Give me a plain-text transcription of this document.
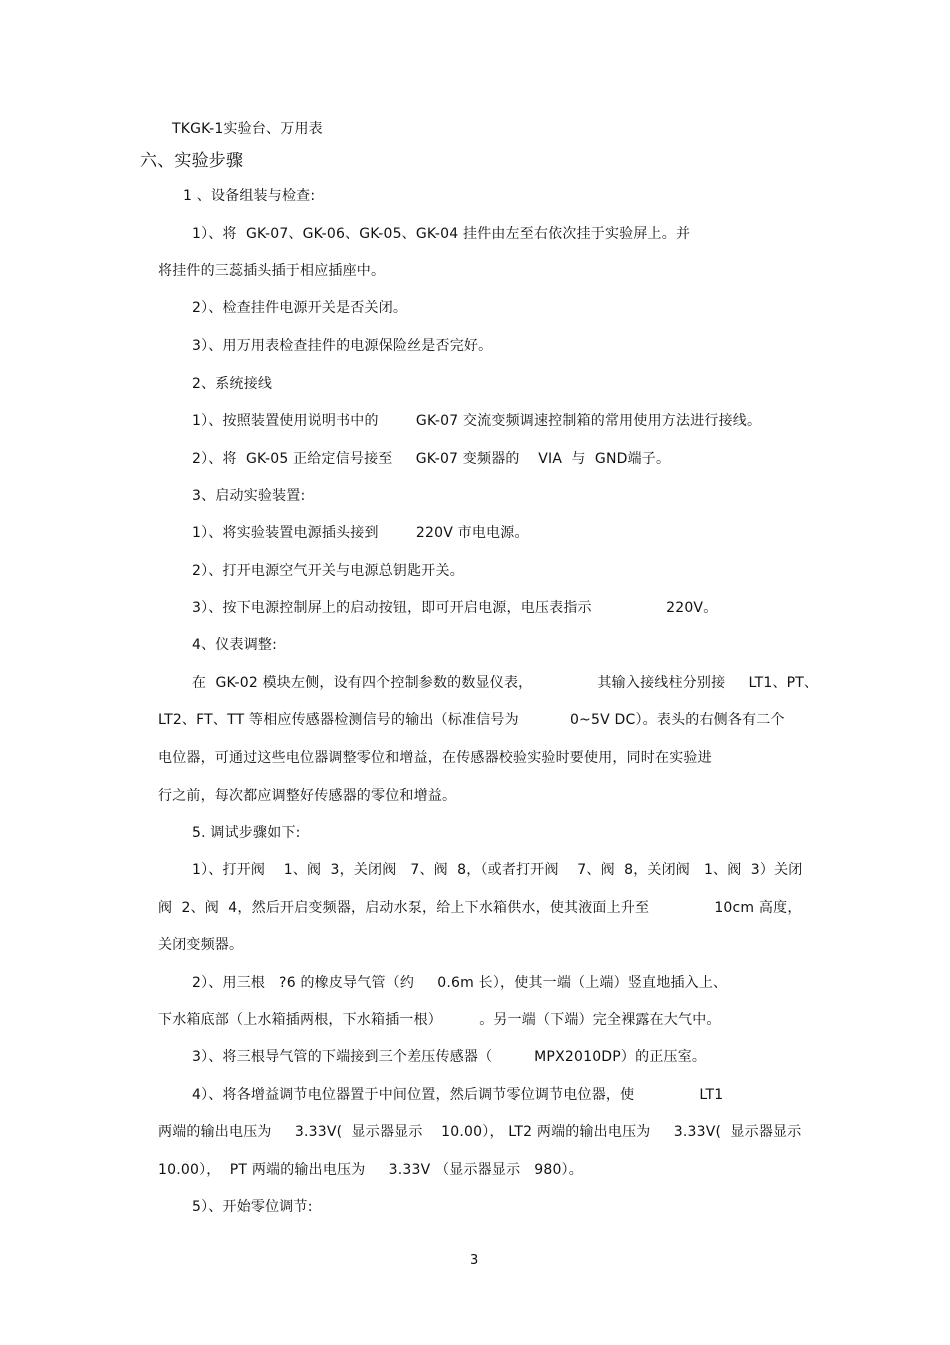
TKGK-1实验台、万用表
六、实验步骤
1 、设备组装与检查:
1）、将  GK-07、GK-06、GK-05、GK-04 挂件由左至右依次挂于实验屏上。并
将挂件的三蕊插头插于相应插座中。
2）、检查挂件电源开关是否关闭。
3）、用万用表检查挂件的电源保险丝是否完好。
2、系统接线
1）、按照装置使用说明书中的        GK-07 交流变频调速控制箱的常用使用方法进行接线。
2）、将  GK-05 正给定信号接至     GK-07 变频器的    VIA  与  GND端子。
3、启动实验装置:
1）、将实验装置电源插头接到        220V 市电电源。
2）、打开电源空气开关与电源总钥匙开关。
3）、按下电源控制屏上的启动按钮，即可开启电源，电压表指示                220V。
4、仪表调整:
在  GK-02 模块左侧，设有四个控制参数的数显仪表，              其输入接线柱分别接     LT1、PT、
LT2、FT、TT 等相应传感器检测信号的输出（标准信号为           0~5V DC）。表头的右侧各有二个
电位器，可通过这些电位器调整零位和增益，在传感器校验实验时要使用，同时在实验进
行之前，每次都应调整好传感器的零位和增益。
5. 调试步骤如下:
1）、打开阀    1、阀  3，关闭阀   7、阀  8，（或者打开阀    7、阀  8，关闭阀   1、阀  3）关闭
阀  2、阀  4，然后开启变频器，启动水泵，给上下水箱供水，使其液面上升至              10cm 高度，
关闭变频器。
2）、用三根   ?6 的橡皮导气管（约     0.6m 长），使其一端（上端）竖直地插入上、
下水箱底部（上水箱插两根，下水箱插一根）        。另一端（下端）完全裸露在大气中。
3）、将三根导气管的下端接到三个差压传感器（         MPX2010DP）的正压室。
4）、将各增益调节电位器置于中间位置，然后调节零位调节电位器，使              LT1
两端的输出电压为     3.33V(  显示器显示    10.00）， LT2 两端的输出电压为     3.33V(  显示器显示
10.00），  PT 两端的输出电压为     3.33V （显示器显示   980）。
5）、开始零位调节:
3
